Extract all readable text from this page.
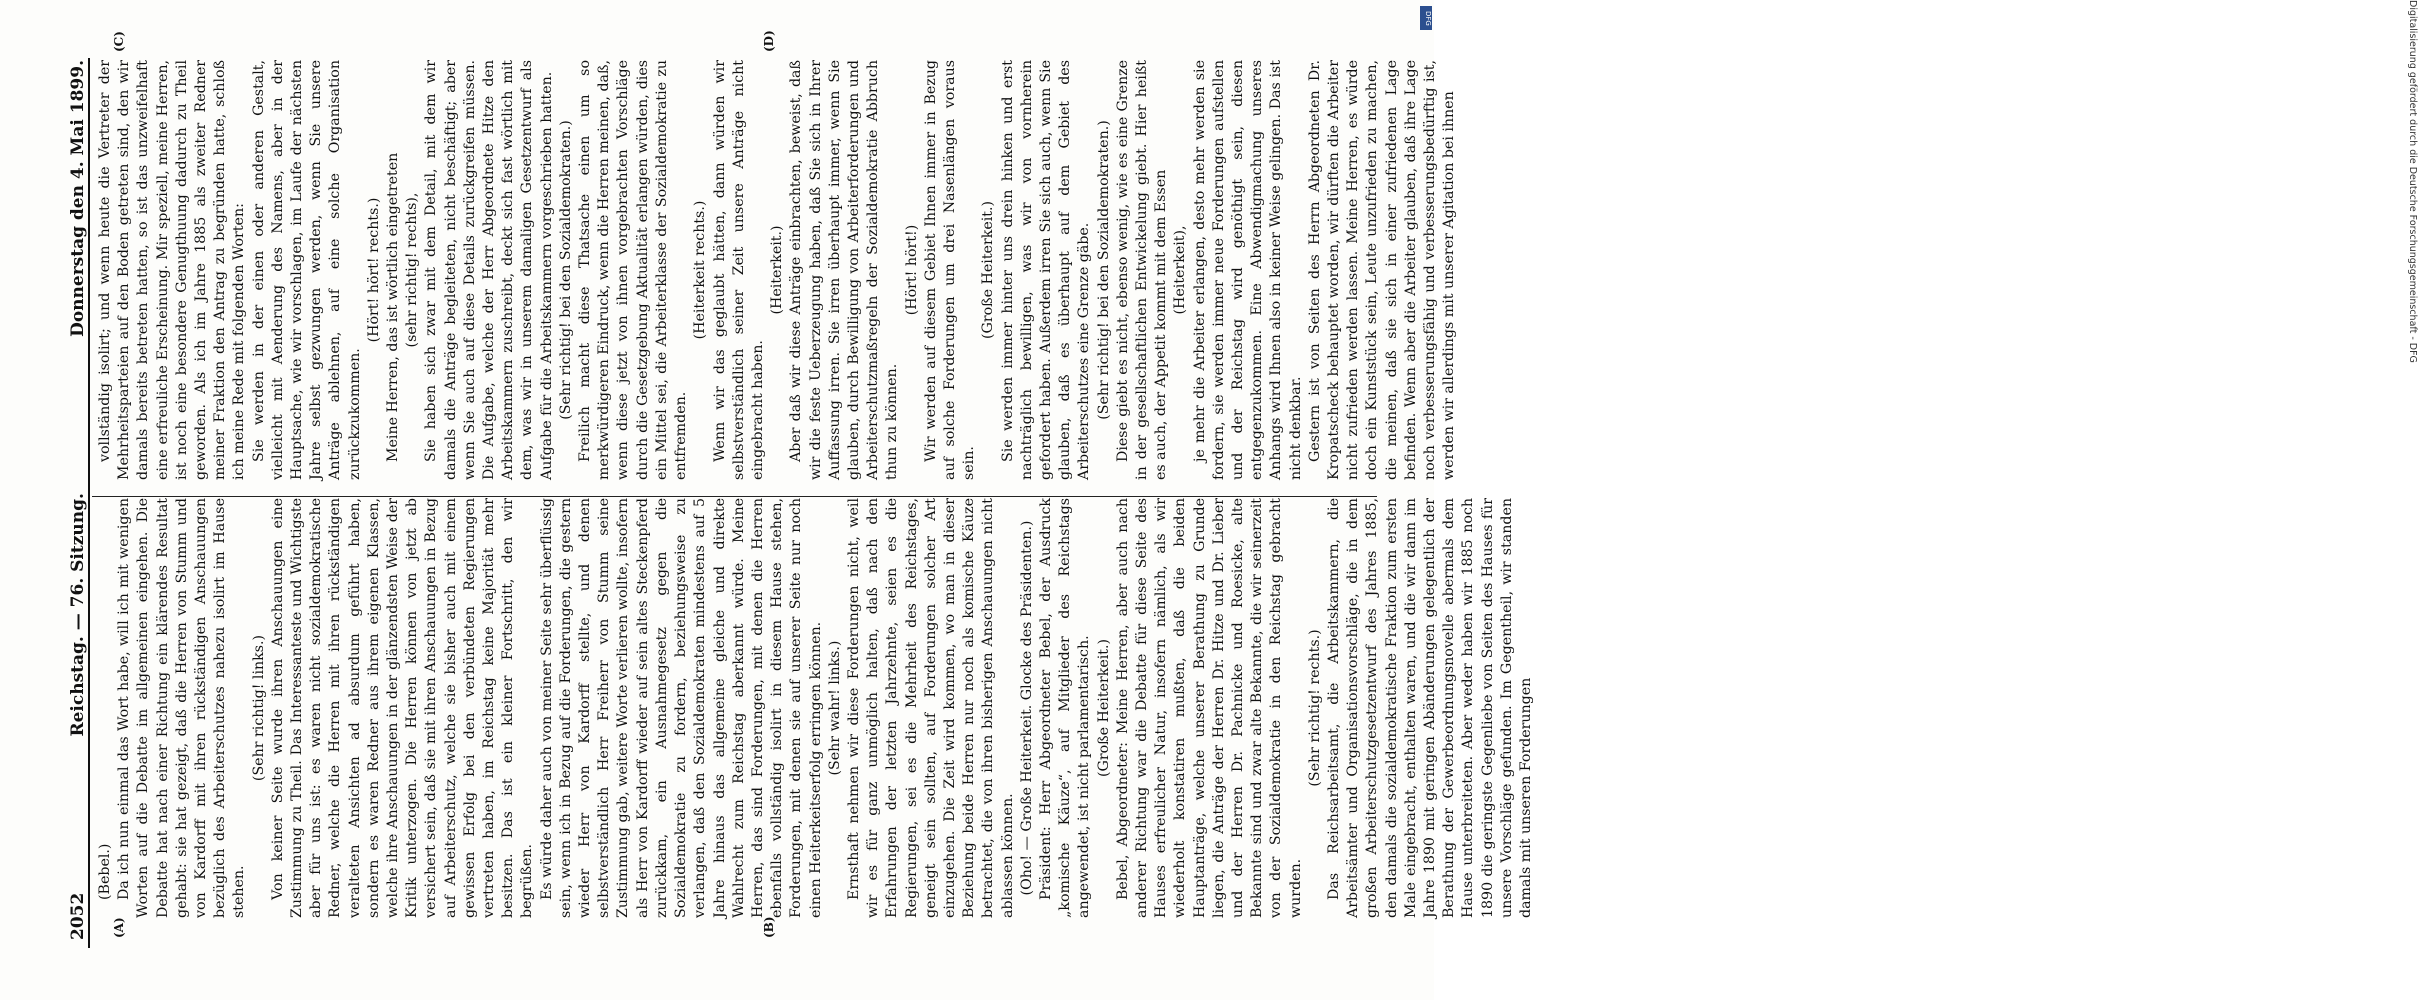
2052
Reichstag. — 76. Sitzung.
Donnerstag den 4. Mai 1899.
(A)	(B)
(C)	(D)

(Bebel.) Da ich nun einmal das Wort habe, will ich mit wenigen Worten auf die Debatte im allgemeinen eingehen. Die Debatte hat nach einer Richtung ein klärendes Resultat gehabt: sie hat gezeigt, daß die Herren von Stumm und von Kardorff mit ihren rückständigen Anschauungen bezüglich des Arbeiterschutzes nahezu isolirt im Hause stehen.

(Sehr richtig! links.) Von keiner Seite wurde ihren Anschauungen eine Zustimmung zu Theil. Das Interessanteste und Wichtigste aber für uns ist: es waren nicht sozialdemokratische Redner, welche die Herren mit ihren rückständigen veralteten Ansichten ad absurdum geführt haben, sondern es waren Redner aus ihrem eigenen Klassen, welche ihre Anschauungen in der glänzendsten Weise der Kritik unterzogen. Die Herren können von jetzt ab versichert sein, daß sie mit ihren Anschauungen in Bezug auf Arbeiterschutz, welche sie bisher auch mit einem gewissen Erfolg bei den verbündeten Regierungen vertreten haben, im Reichstag keine Majorität mehr besitzen. Das ist ein kleiner Fortschritt, den wir begrüßen. Es würde daher auch von meiner Seite sehr überflüssig sein, wenn ich in Bezug auf die Forderungen, die gestern wieder Herr von Kardorff stellte, und denen selbstverständlich Herr Freiherr von Stumm seine Zustimmung gab, weitere Worte verlieren wollte, insofern als Herr von Kardorff wieder auf sein altes Steckenpferd zurückkam, ein Ausnahmegesetz gegen die Sozialdemokratie zu fordern, beziehungsweise zu verlangen, daß den Sozialdemokraten mindestens auf 5 Jahre hinaus das allgemeine gleiche und direkte Wahlrecht zum Reichstag aberkannt würde. Meine Herren, das sind Forderungen, mit denen die Herren ebenfalls vollständig isolirt in diesem Hause stehen, Forderungen, mit denen sie auf unserer Seite nur noch einen Heiterkeitserfolg erringen können. (Sehr wahr! links.) Ernsthaft nehmen wir diese Forderungen nicht, weil wir es für ganz unmöglich halten, daß nach den Erfahrungen der letzten Jahrzehnte, seien es die Regierungen, sei es die Mehrheit des Reichstages, geneigt sein sollten, auf Forderungen solcher Art einzugehen. Die Zeit wird kommen, wo man in dieser Beziehung beide Herren nur noch als komische Käuze betrachtet, die von ihren bisherigen Anschauungen nicht ablassen können. (Oho! — Große Heiterkeit. Glocke des Präsidenten.) Präsident: Herr Abgeordneter Bebel, der Ausdruck „komische Käuze“, auf Mitglieder des Reichstags angewendet, ist nicht parlamentarisch. (Große Heiterkeit.) Bebel, Abgeordneter: Meine Herren, aber auch nach anderer Richtung war die Debatte für diese Seite des Hauses erfreulicher Natur, insofern nämlich, als wir wiederholt konstatiren mußten, daß die beiden Hauptanträge, welche unserer Berathung zu Grunde liegen, die Anträge der Herren Dr. Hitze und Dr. Lieber und der Herren Dr. Pachnicke und Roesicke, alte Bekannte sind und zwar alte Bekannte, die wir seinerzeit von der Sozialdemokratie in den Reichstag gebracht wurden.

(Sehr richtig! rechts.) Das Reichsarbeitsamt, die Arbeitskammern, die Arbeitsämter und Organisationsvorschläge, die in dem großen Arbeiterschutzgesetzentwurf des Jahres 1885, den damals die sozialdemokratische Fraktion zum ersten Male eingebracht, enthalten waren, und die wir dann im Jahre 1890 mit geringen Abänderungen gelegentlich der Berathung der Gewerbeordnungsnovelle abermals dem Hause unterbreiteten. Aber weder haben wir 1885 noch 1890 die geringste Gegenliebe von Seiten des Hauses für unsere Vorschläge gefunden. Im Gegentheil, wir standen damals mit unseren Forderungen

vollständig isolirt; und wenn heute die Vertreter der Mehrheitsparteien auf den Boden getreten sind, den wir damals bereits betreten hatten, so ist das unzweifelhaft eine erfreuliche Erscheinung. Mir speziell, meine Herren, ist noch eine besondere Genugthuung dadurch zu Theil geworden. Als ich im Jahre 1885 als zweiter Redner meiner Fraktion den Antrag zu begründen hatte, schloß ich meine Rede mit folgenden Worten: Sie werden in der einen oder anderen Gestalt, vielleicht mit Aenderung des Namens, aber in der Hauptsache, wie wir vorschlagen, im Laufe der nächsten Jahre selbst gezwungen werden, wenn Sie unsere Anträge ablehnen, auf eine solche Organisation zurückzukommen.

(Hört! hört! rechts.) Meine Herren, das ist wörtlich eingetreten (sehr richtig! rechts), Sie haben sich zwar mit dem Detail, mit dem wir damals die Anträge begleiteten, nicht beschäftigt; aber wenn Sie auch auf diese Details zurückgreifen müssen. Die Aufgabe, welche der Herr Abgeordnete Hitze den Arbeitskammern zuschreibt, deckt sich fast wörtlich mit dem, was wir in unserem damaligen Gesetzentwurf als Aufgabe für die Arbeitskammern vorgeschrieben hatten. (Sehr richtig! bei den Sozialdemokraten.) Freilich macht diese Thatsache einen um so merkwürdigeren Eindruck, wenn die Herren meinen, daß, wenn diese jetzt von ihnen vorgebrachten Vorschläge durch die Gesetzgebung Aktualität erlangen würden, dies ein Mittel sei, die Arbeiterklasse der Sozialdemokratie zu entfremden.

(Heiterkeit rechts.) Wenn wir das geglaubt hätten, dann würden wir selbstverständlich seiner Zeit unsere Anträge nicht eingebracht haben.

(Heiterkeit.) Aber daß wir diese Anträge einbrachten, beweist, daß wir die feste Ueberzeugung haben, daß Sie sich in Ihrer Auffassung irren. Sie irren überhaupt immer, wenn Sie glauben, durch Bewilligung von Arbeiterforderungen und Arbeiterschutzmaßregeln der Sozialdemokratie Abbruch thun zu können.

(Hört! hört!) Wir werden auf diesem Gebiet Ihnen immer in Bezug auf solche Forderungen um drei Nasenlängen voraus sein.

(Große Heiterkeit.) Sie werden immer hinter uns drein hinken und erst nachträglich bewilligen, was wir von vornherein gefordert haben. Außerdem irren Sie sich auch, wenn Sie glauben, daß es überhaupt auf dem Gebiet des Arbeiterschutzes eine Grenze gäbe. (Sehr richtig! bei den Sozialdemokraten.) Diese giebt es nicht, ebenso wenig, wie es eine Grenze in der gesellschaftlichen Entwickelung giebt. Hier heißt es auch, der Appetit kommt mit dem Essen (Heiterkeit), je mehr die Arbeiter erlangen, desto mehr werden sie fordern, sie werden immer neue Forderungen aufstellen und der Reichstag wird genöthigt sein, diesen entgegenzukommen. Eine Abwendigmachung unseres Anhangs wird Ihnen also in keiner Weise gelingen. Das ist nicht denkbar. Gestern ist von Seiten des Herrn Abgeordneten Dr. Kropatscheck behauptet worden, wir dürften die Arbeiter nicht zufrieden werden lassen. Meine Herren, es würde doch ein Kunststück sein, Leute unzufrieden zu machen, die meinen, daß sie sich in einer zufriedenen Lage befinden. Wenn aber die Arbeiter glauben, daß ihre Lage noch verbesserungsfähig und verbesserungsbedürftig ist, werden wir allerdings mit unserer Agitation bei ihnen	Digitalisierung gefördert durch die Deutsche Forschungsgemeinschaft - DFG
DFG
